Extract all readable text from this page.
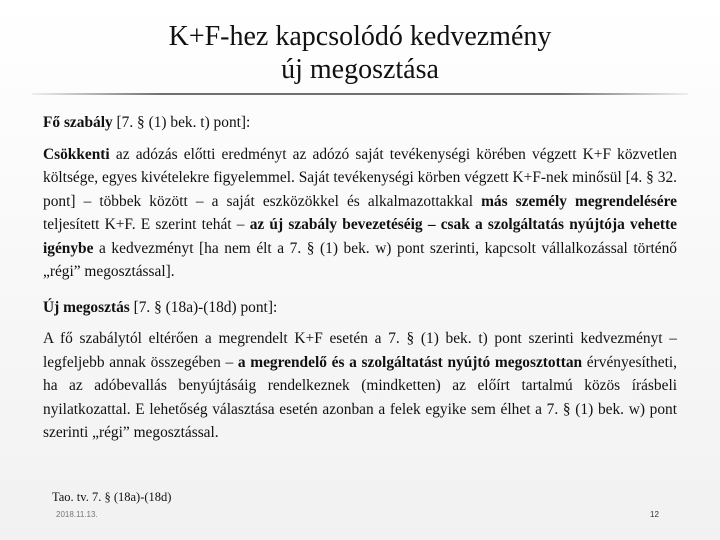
K+F-hez kapcsolódó kedvezmény
új megosztása

Fő szabály [7. § (1) bek. t) pont]:

Csökkenti az adózás előtti eredményt az adózó saját tevékenységi körében végzett K+F közvetlen költsége, egyes kivételekre figyelemmel. Saját tevékenységi körben végzett K+F-nek minősül [4. § 32. pont] – többek között – a saját eszközökkel és alkalmazottakkal más személy megrendelésére teljesített K+F. E szerint tehát – az új szabály bevezetéséig – csak a szolgáltatás nyújtója vehette igénybe a kedvezményt [ha nem élt a 7. § (1) bek. w) pont szerinti, kapcsolt vállalkozással történő „régi” megosztással].

Új megosztás [7. § (18a)-(18d) pont]:

A fő szabálytól eltérően a megrendelt K+F esetén a 7. § (1) bek. t) pont szerinti kedvezményt – legfeljebb annak összegében – a megrendelő és a szolgáltatást nyújtó megosztottan érvényesítheti, ha az adóbevallás benyújtásáig rendelkeznek (mindketten) az előírt tartalmú közös írásbeli nyilatkozattal. E lehetőség választása esetén azonban a felek egyike sem élhet a 7. § (1) bek. w) pont szerinti „régi” megosztással.

Tao. tv. 7. § (18a)-(18d)
2018.11.13.	12
